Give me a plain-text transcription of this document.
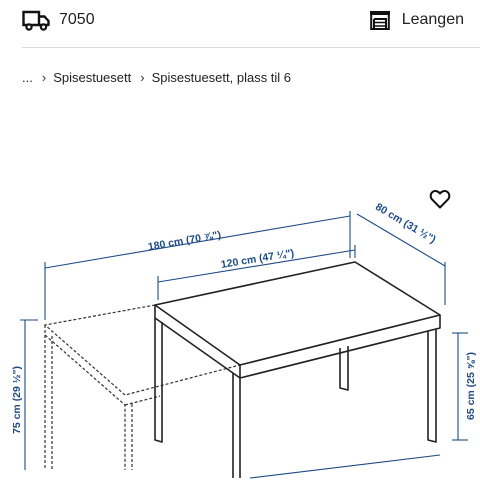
7050	Leangen
... › Spisestuesett › Spisestuesett, plass til 6
180 cm (70 ⅞")
120 cm (47 ¼")
80 cm (31 ½")
75 cm (29 ½")	65 cm (25 ⅝")
